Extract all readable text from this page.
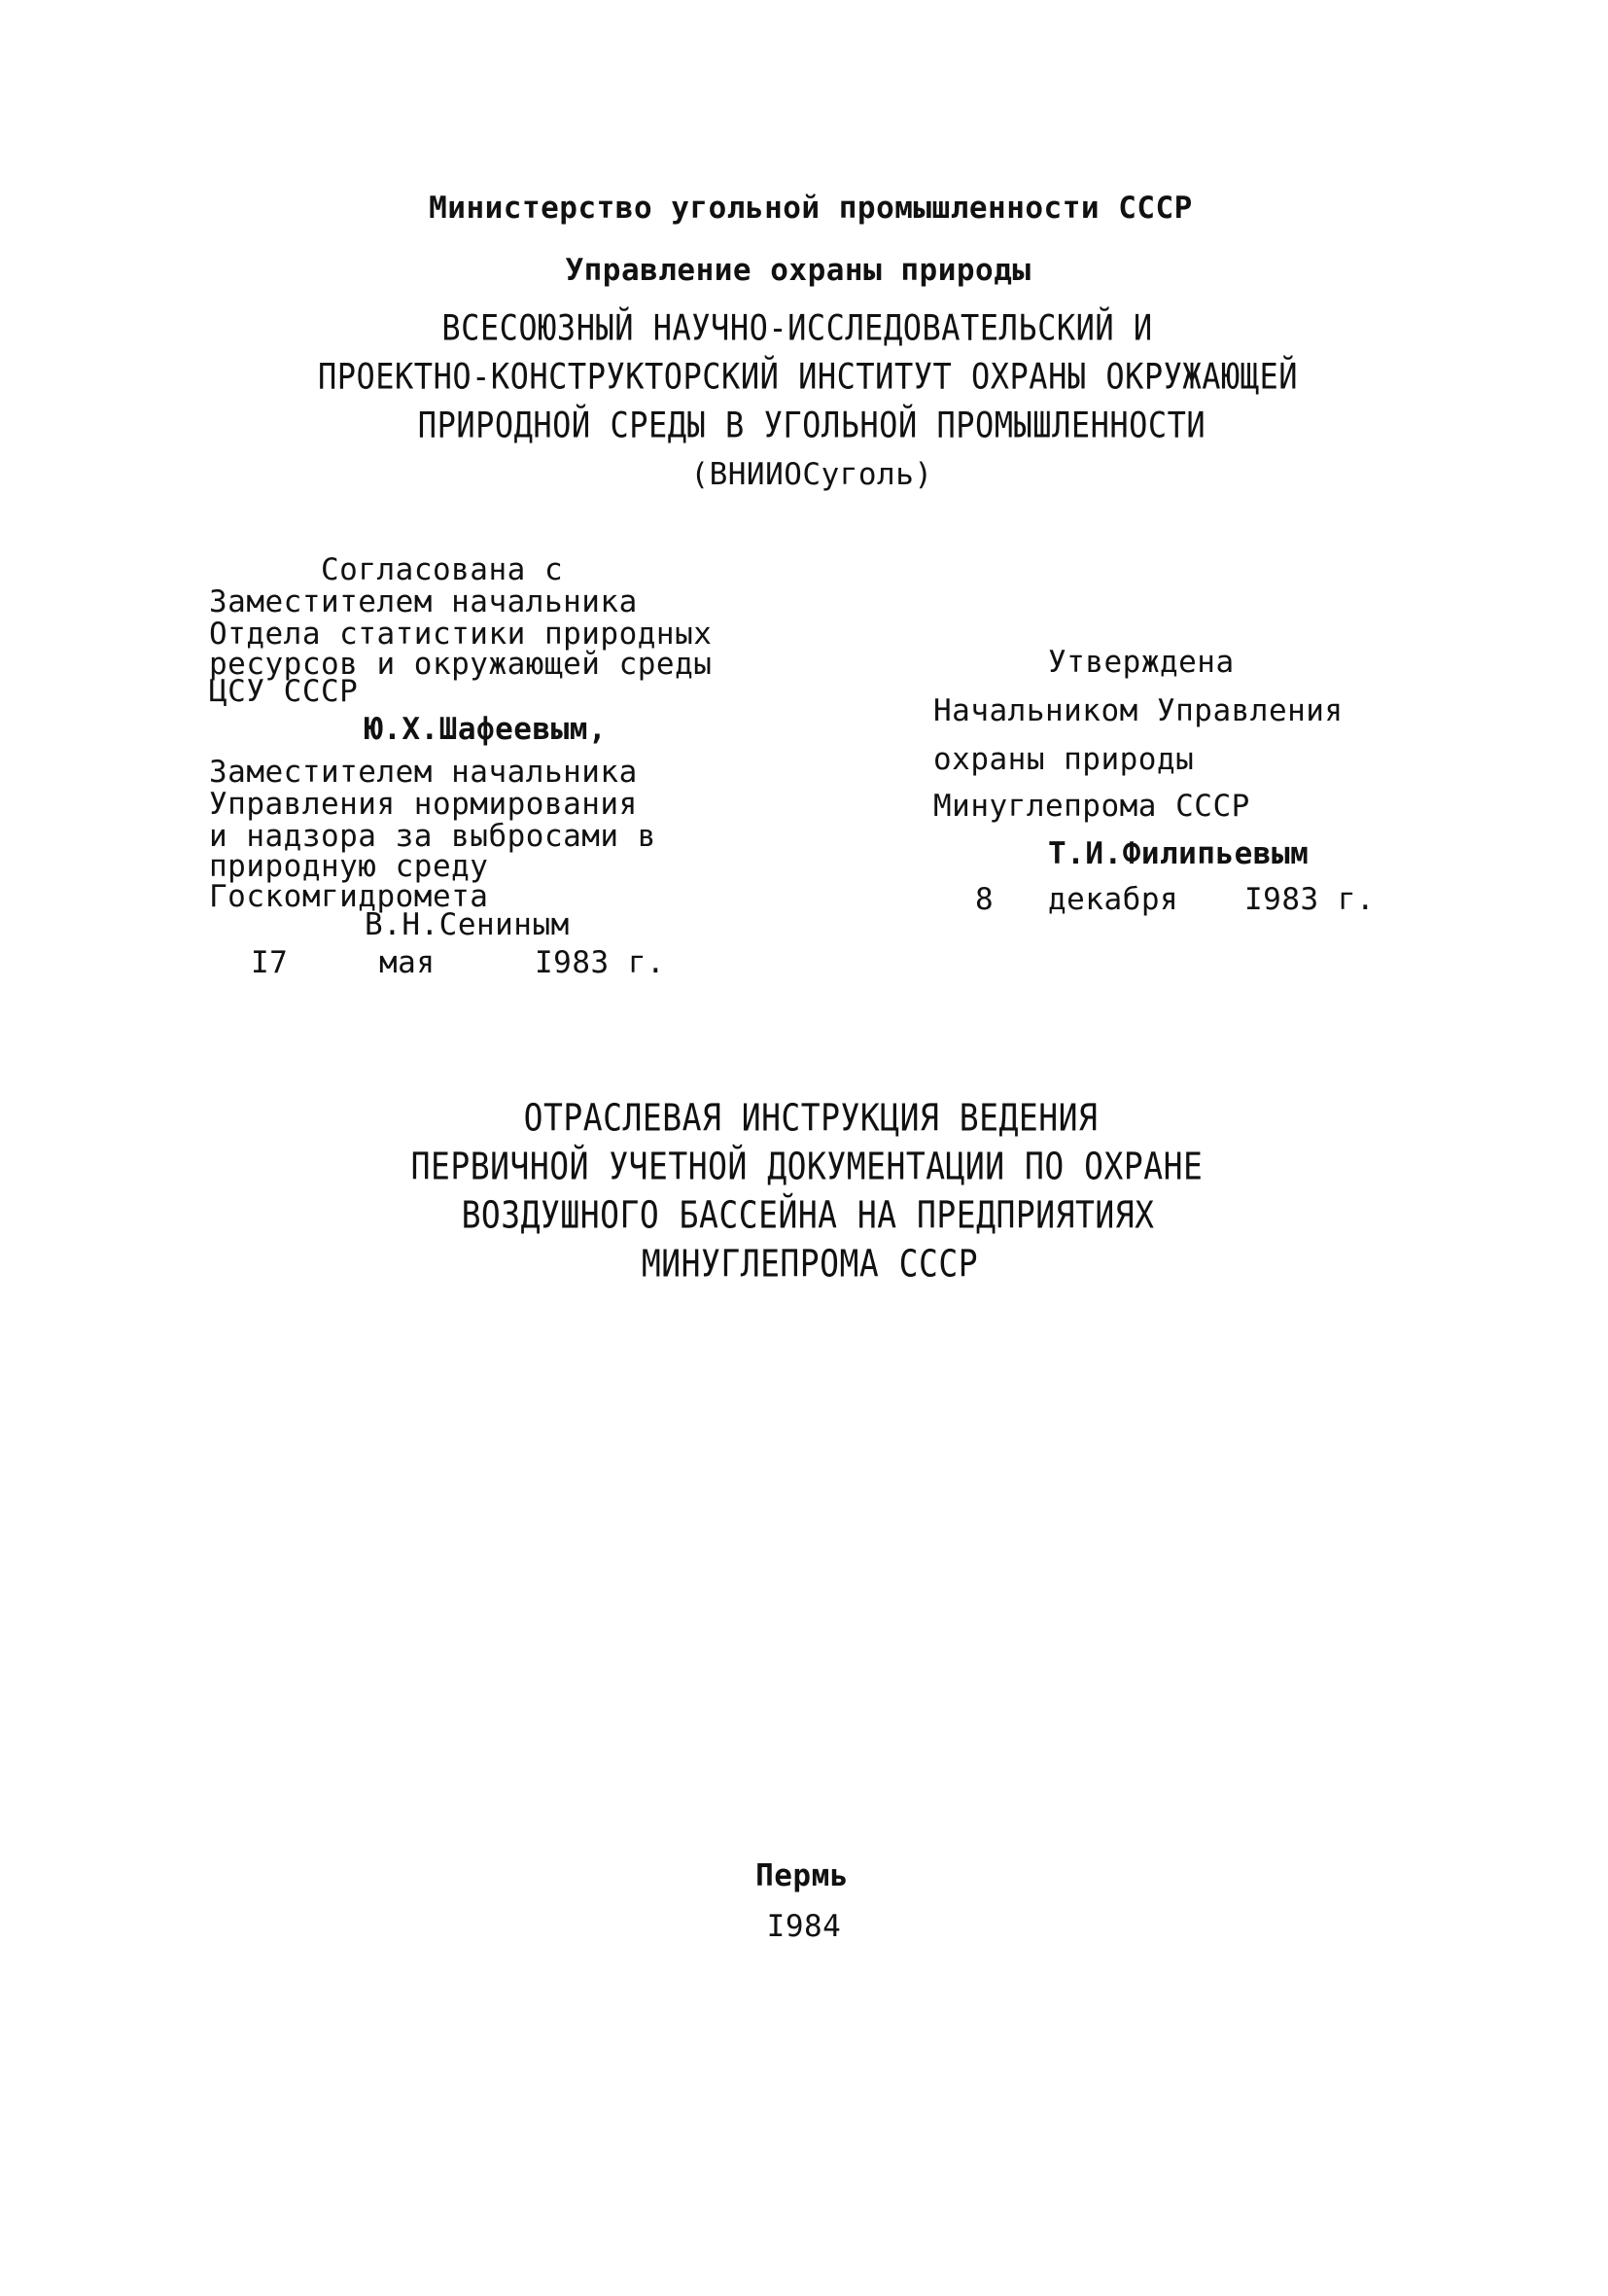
Министерство угольной промышленности СССР
Управление охраны природы
ВСЕСОЮЗНЫЙ НАУЧНО-ИССЛЕДОВАТЕЛЬСКИЙ И
ПРОЕКТНО-КОНСТРУКТОРСКИЙ ИНСТИТУТ ОХРАНЫ ОКРУЖАЮЩЕЙ
ПРИРОДНОЙ СРЕДЫ В УГОЛЬНОЙ ПРОМЫШЛЕННОСТИ
(ВНИИОСуголь)
Согласована с
Заместителем начальника
Отдела статистики природных
ресурсов и окружающей среды
ЦСУ СССР
Ю.Х.Шафеевым,
Заместителем начальника
Управления нормирования
и надзора за выбросами в
природную среду
Госкомгидромета
В.Н.Сениным
I7	мая	I983 г.
Утверждена
Начальником Управления
охраны природы
Минуглепрома СССР
Т.И.Филипьевым
8 декабря I983 г.
ОТРАСЛЕВАЯ ИНСТРУКЦИЯ ВЕДЕНИЯ
ПЕРВИЧНОЙ УЧЕТНОЙ ДОКУМЕНТАЦИИ ПО ОХРАНЕ
ВОЗДУШНОГО БАССЕЙНА НА ПРЕДПРИЯТИЯХ
МИНУГЛЕПРОМА СССР
Пермь
I984
